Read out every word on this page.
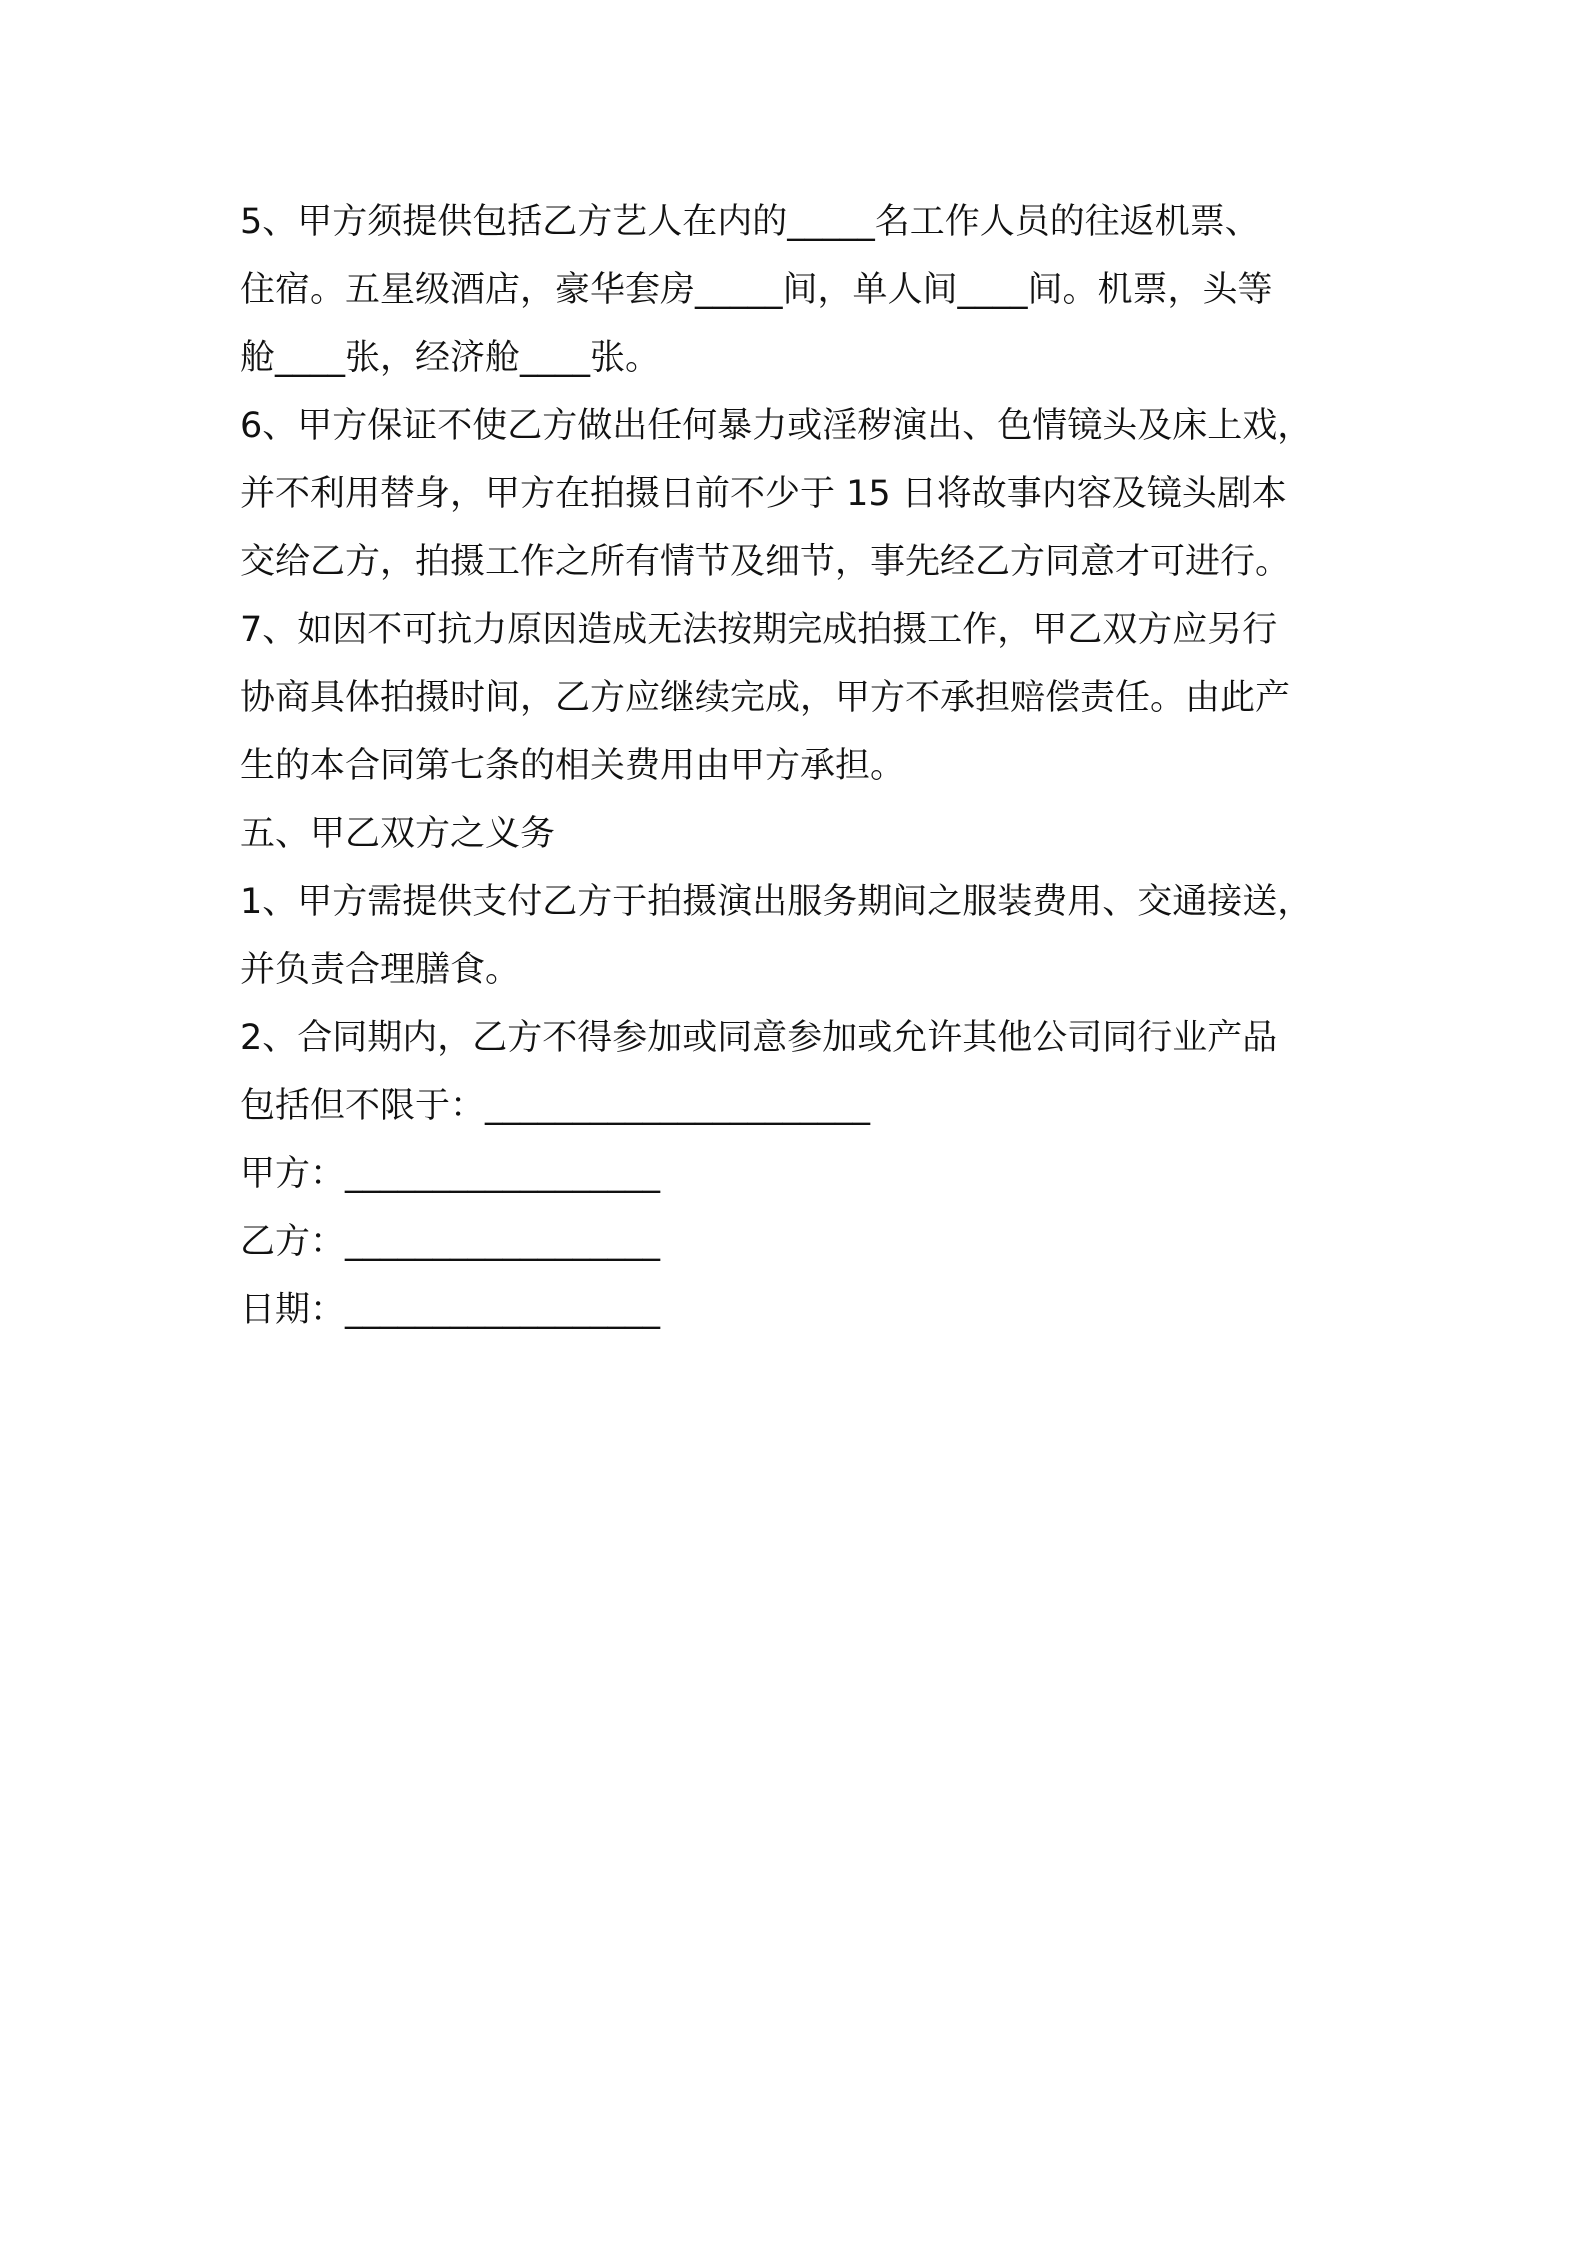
5、甲方须提供包括乙方艺人在内的_____名工作人员的往返机票、
住宿。五星级酒店，豪华套房_____间，单人间____间。机票，头等
舱____张，经济舱____张。
6、甲方保证不使乙方做出任何暴力或淫秽演出、色情镜头及床上戏，
并不利用替身，甲方在拍摄日前不少于 15 日将故事内容及镜头剧本
交给乙方，拍摄工作之所有情节及细节，事先经乙方同意才可进行。
7、如因不可抗力原因造成无法按期完成拍摄工作，甲乙双方应另行
协商具体拍摄时间，乙方应继续完成，甲方不承担赔偿责任。由此产
生的本合同第七条的相关费用由甲方承担。
五、甲乙双方之义务
1、甲方需提供支付乙方于拍摄演出服务期间之服装费用、交通接送，
并负责合理膳食。
2、合同期内，乙方不得参加或同意参加或允许其他公司同行业产品
包括但不限于：______________________
甲方：__________________
乙方：__________________
日期：__________________
